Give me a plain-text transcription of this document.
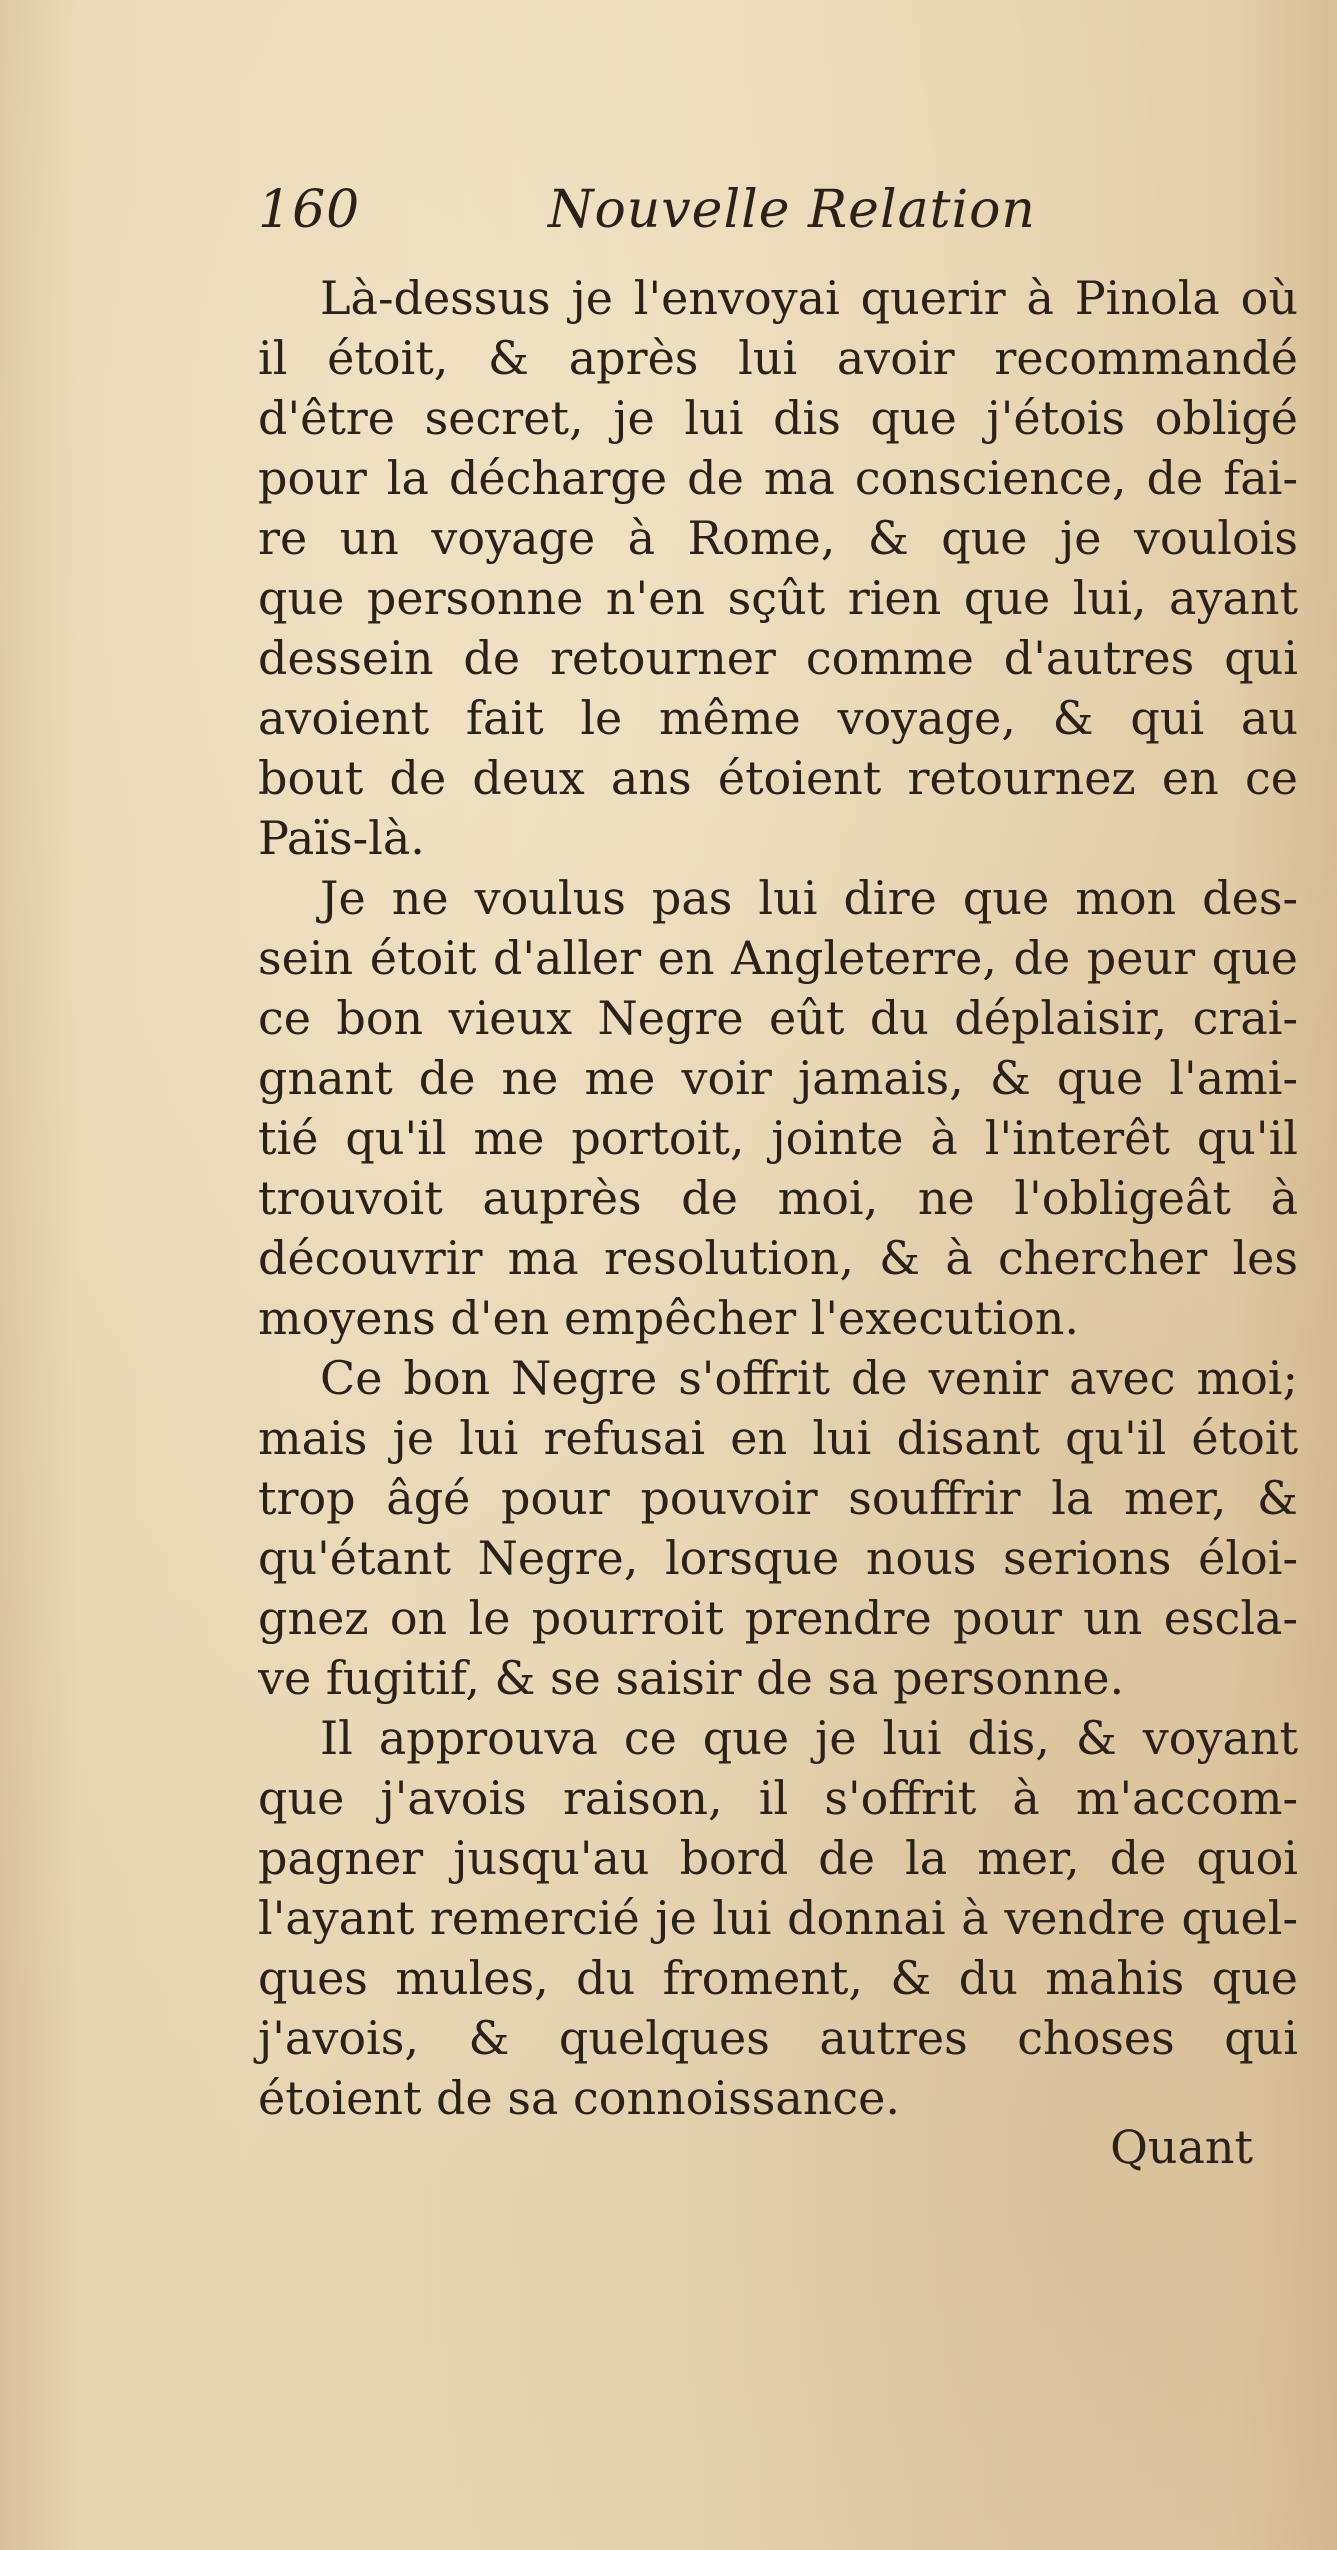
160	Nouvelle Relation

Là-dessus je l'envoyai querir à Pinola où

il étoit, & après lui avoir recommandé

d'être secret, je lui dis que j'étois obligé

pour la décharge de ma conscience, de fai-

re un voyage à Rome, & que je voulois

que personne n'en sçût rien que lui, ayant

dessein de retourner comme d'autres qui

avoient fait le même voyage, & qui au

bout de deux ans étoient retournez en ce

Païs-là.

Je ne voulus pas lui dire que mon des-

sein étoit d'aller en Angleterre, de peur que

ce bon vieux Negre eût du déplaisir, crai-

gnant de ne me voir jamais, & que l'ami-

tié qu'il me portoit, jointe à l'interêt qu'il

trouvoit auprès de moi, ne l'obligeât à

découvrir ma resolution, & à chercher les

moyens d'en empêcher l'execution.

Ce bon Negre s'offrit de venir avec moi;

mais je lui refusai en lui disant qu'il étoit

trop âgé pour pouvoir souffrir la mer, &

qu'étant Negre, lorsque nous serions éloi-

gnez on le pourroit prendre pour un escla-

ve fugitif, & se saisir de sa personne.

Il approuva ce que je lui dis, & voyant

que j'avois raison, il s'offrit à m'accom-

pagner jusqu'au bord de la mer, de quoi

l'ayant remercié je lui donnai à vendre quel-

ques mules, du froment, & du mahis que

j'avois, & quelques autres choses qui

étoient de sa connoissance.

Quant
